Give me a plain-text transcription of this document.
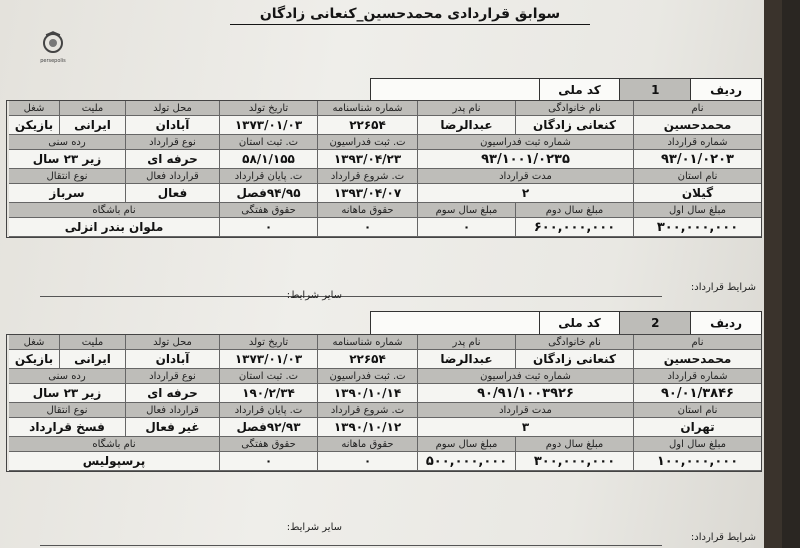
سوابق قراردادی محمدحسین_کنعانی زادگان
persepolis
ردیف
1
کد ملی
نام
نام خانوادگی
نام پدر
شماره شناسنامه
تاریخ تولد
محل تولد
ملیت
شغل
محمدحسین
کنعانی زادگان
عبدالرضا
۲۲۶۵۴
۱۳۷۳/۰۱/۰۳
آبادان
ایرانی
بازیکن
شماره قرارداد
شماره ثبت فدراسیون
ت. ثبت فدراسیون
ت. ثبت استان
نوع قرارداد
رده سنی
۹۳/۰۱/۰۲۰۳
۹۳/۱۰۰۱/۰۲۳۵
۱۳۹۳/۰۴/۲۳
۵۸/۱/۱۵۵
حرفه ای
زیر ۲۳ سال
نام استان
مدت قرارداد
ت. شروع قرارداد
ت. پایان قرارداد
قرارداد فعال
نوع انتقال
گیلان
۲
۱۳۹۳/۰۴/۰۷
۹۴/۹۵فصل
فعال
سرباز
مبلغ سال اول
مبلغ سال دوم
مبلغ سال سوم
حقوق ماهانه
حقوق هفتگی
نام باشگاه
۳۰۰,۰۰۰,۰۰۰
۶۰۰,۰۰۰,۰۰۰
۰
۰
۰
ملوان بندر انزلی
شرایط قرارداد:
سایر شرایط:
ردیف
2
کد ملی
نام
نام خانوادگی
نام پدر
شماره شناسنامه
تاریخ تولد
محل تولد
ملیت
شغل
محمدحسین
کنعانی زادگان
عبدالرضا
۲۲۶۵۴
۱۳۷۳/۰۱/۰۳
آبادان
ایرانی
بازیکن
شماره قرارداد
شماره ثبت فدراسیون
ت. ثبت فدراسیون
ت. ثبت استان
نوع قرارداد
رده سنی
۹۰/۰۱/۳۸۴۶
۹۰/۹۱/۱۰۰۳۹۲۶
۱۳۹۰/۱۰/۱۴
۱۹۰/۲/۳۴
حرفه ای
زیر ۲۳ سال
نام استان
مدت قرارداد
ت. شروع قرارداد
ت. پایان قرارداد
قرارداد فعال
نوع انتقال
تهران
۳
۱۳۹۰/۱۰/۱۲
۹۲/۹۳فصل
غیر فعال
فسخ قرارداد
مبلغ سال اول
مبلغ سال دوم
مبلغ سال سوم
حقوق ماهانه
حقوق هفتگی
نام باشگاه
۱۰۰,۰۰۰,۰۰۰
۳۰۰,۰۰۰,۰۰۰
۵۰۰,۰۰۰,۰۰۰
۰
۰
پرسپولیس
سایر شرایط:
شرایط قرارداد:
